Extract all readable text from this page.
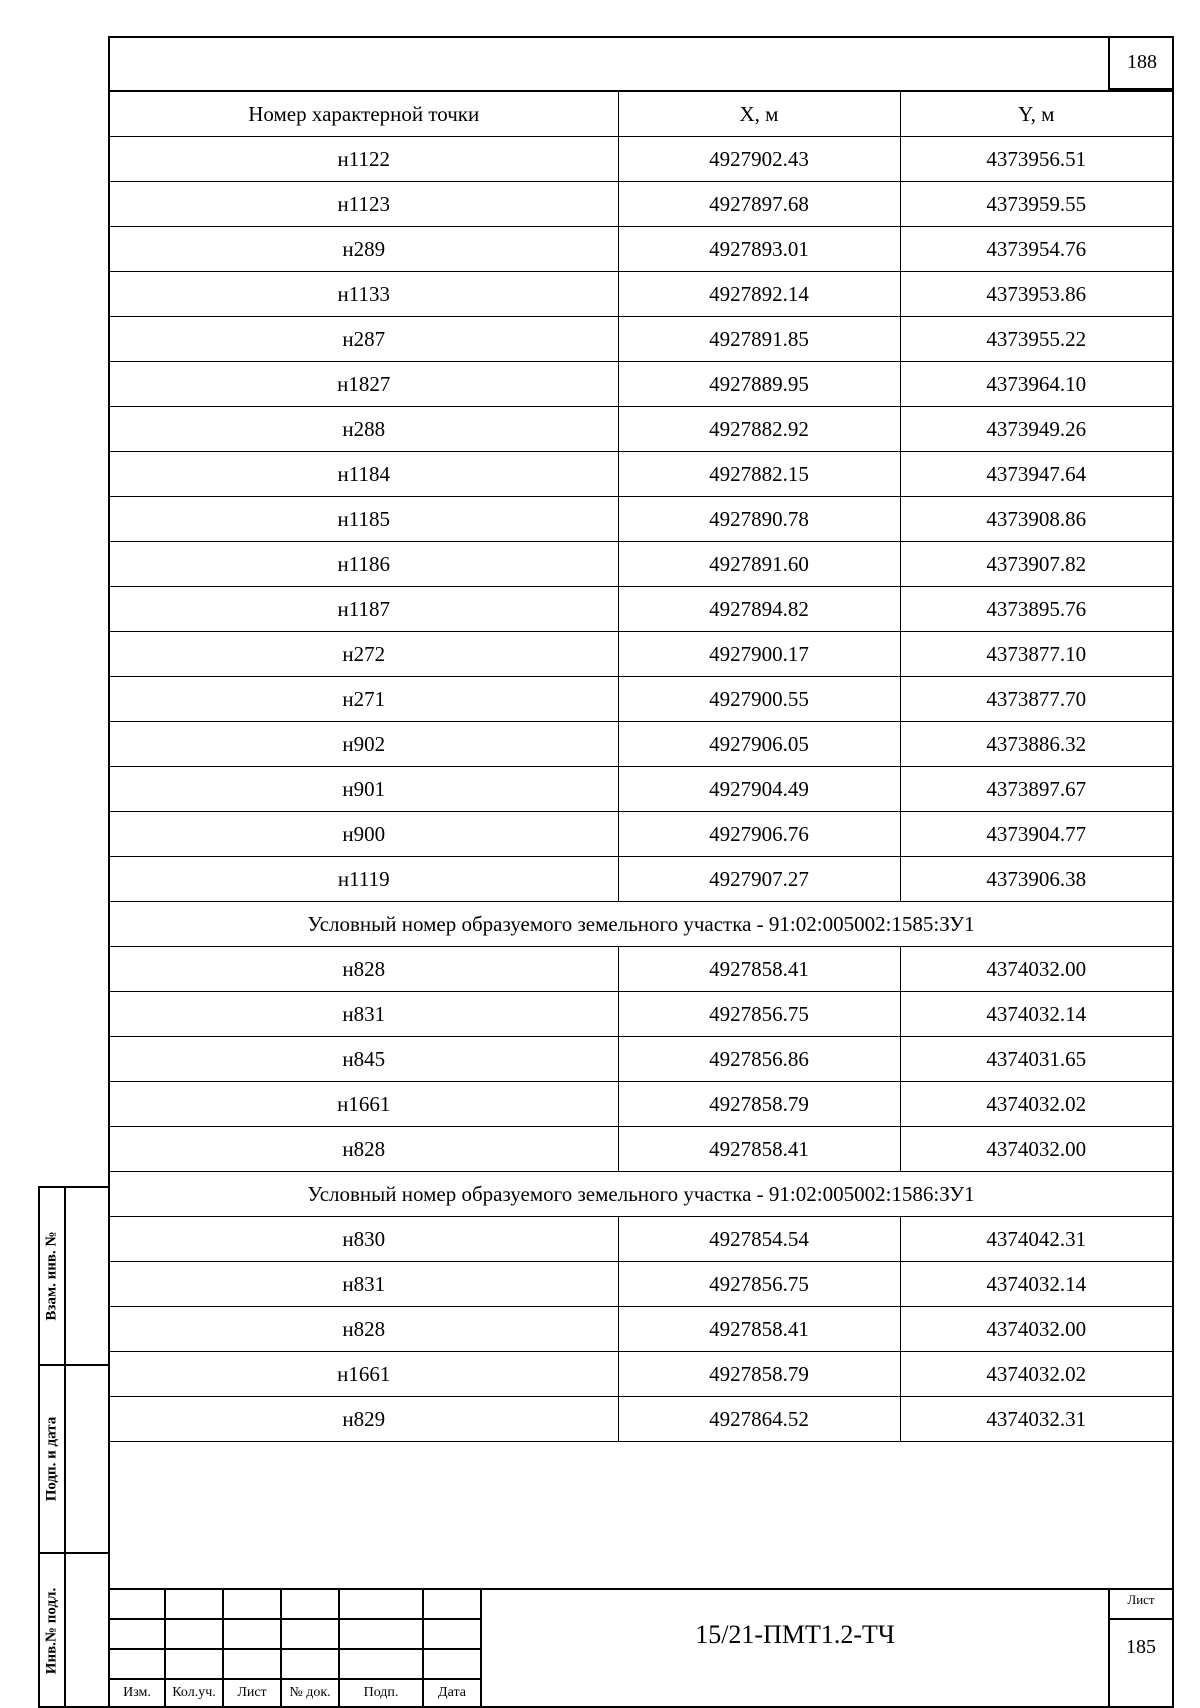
188
Номер характерной точки	X, м	Y, м
н1122	4927902.43	4373956.51
н1123	4927897.68	4373959.55
н289	4927893.01	4373954.76
н1133	4927892.14	4373953.86
н287	4927891.85	4373955.22
н1827	4927889.95	4373964.10
н288	4927882.92	4373949.26
н1184	4927882.15	4373947.64
н1185	4927890.78	4373908.86
н1186	4927891.60	4373907.82
н1187	4927894.82	4373895.76
н272	4927900.17	4373877.10
н271	4927900.55	4373877.70
н902	4927906.05	4373886.32
н901	4927904.49	4373897.67
н900	4927906.76	4373904.77
н1119	4927907.27	4373906.38
Условный номер образуемого земельного участка - 91:02:005002:1585:ЗУ1		
н828	4927858.41	4374032.00
н831	4927856.75	4374032.14
н845	4927856.86	4374031.65
н1661	4927858.79	4374032.02
н828	4927858.41	4374032.00
Условный номер образуемого земельного участка - 91:02:005002:1586:ЗУ1		
н830	4927854.54	4374042.31
н831	4927856.75	4374032.14
н828	4927858.41	4374032.00
н1661	4927858.79	4374032.02
н829	4927864.52	4374032.31
Взам. инв. №
Подп. и дата
Инв.№ подл.
Изм.	Кол.уч.	Лист	№ док.	Подп.	Дата
15/21-ПМТ1.2-ТЧ
Лист
185
